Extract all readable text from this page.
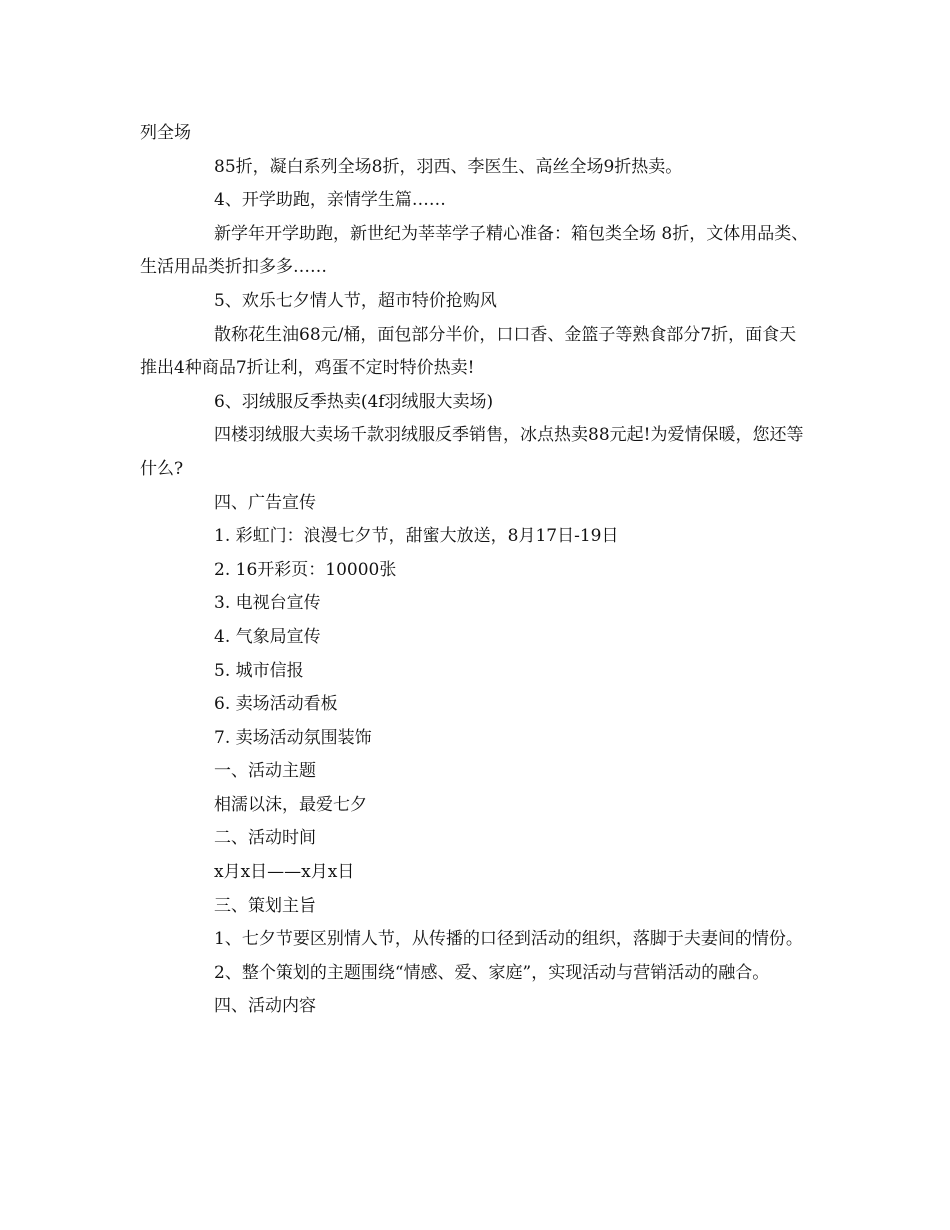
列全场

85折，凝白系列全场8折，羽西、李医生、高丝全场9折热卖。

4、开学助跑，亲情学生篇……

新学年开学助跑，新世纪为莘莘学子精心准备：箱包类全场 8折，文体用品类、生活用品类折扣多多……

5、欢乐七夕情人节，超市特价抢购风

散称花生油68元/桶，面包部分半价，口口香、金篮子等熟食部分7折，面食天推出4种商品7折让利，鸡蛋不定时特价热卖!

6、羽绒服反季热卖(4f羽绒服大卖场)

四楼羽绒服大卖场千款羽绒服反季销售，冰点热卖88元起!为爱情保暖，您还等什么?

四、广告宣传

1. 彩虹门：浪漫七夕节，甜蜜大放送，8月17日-19日

2. 16开彩页：10000张

3. 电视台宣传

4. 气象局宣传

5. 城市信报

6. 卖场活动看板

7. 卖场活动氛围装饰

一、活动主题

相濡以沫，最爱七夕

二、活动时间

x月x日——x月x日

三、策划主旨

1、七夕节要区别情人节，从传播的口径到活动的组织，落脚于夫妻间的情份。

2、整个策划的主题围绕“情感、爱、家庭”，实现活动与营销活动的融合。

四、活动内容
